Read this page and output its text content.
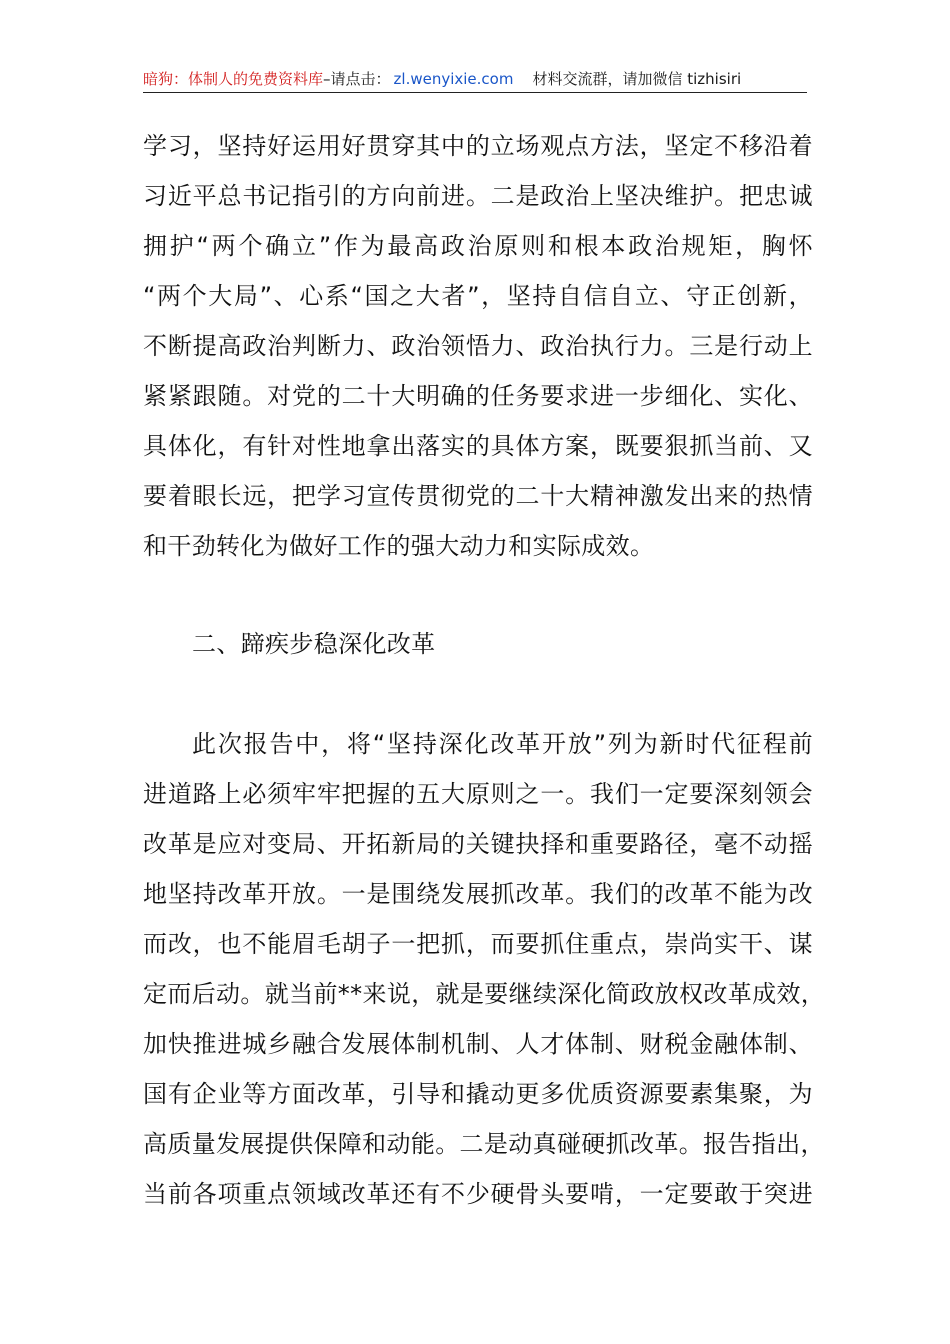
暗狗：体制人的免费资料库–请点击： zl.wenyixie.com 材料交流群，请加微信 tizhisiri
学习，坚持好运用好贯穿其中的立场观点方法，坚定不移沿着
习近平总书记指引的方向前进。二是政治上坚决维护。把忠诚
拥护“两个确立”作为最高政治原则和根本政治规矩，胸怀
“两个大局”、心系“国之大者”，坚持自信自立、守正创新，
不断提高政治判断力、政治领悟力、政治执行力。三是行动上
紧紧跟随。对党的二十大明确的任务要求进一步细化、实化、
具体化，有针对性地拿出落实的具体方案，既要狠抓当前、又
要着眼长远，把学习宣传贯彻党的二十大精神激发出来的热情
和干劲转化为做好工作的强大动力和实际成效。
二、蹄疾步稳深化改革
此次报告中，将“坚持深化改革开放”列为新时代征程前
进道路上必须牢牢把握的五大原则之一。我们一定要深刻领会
改革是应对变局、开拓新局的关键抉择和重要路径，毫不动摇
地坚持改革开放。一是围绕发展抓改革。我们的改革不能为改
而改，也不能眉毛胡子一把抓，而要抓住重点，崇尚实干、谋
定而后动。就当前**来说，就是要继续深化简政放权改革成效，
加快推进城乡融合发展体制机制、人才体制、财税金融体制、
国有企业等方面改革，引导和撬动更多优质资源要素集聚，为
高质量发展提供保障和动能。二是动真碰硬抓改革。报告指出，
当前各项重点领域改革还有不少硬骨头要啃，一定要敢于突进
